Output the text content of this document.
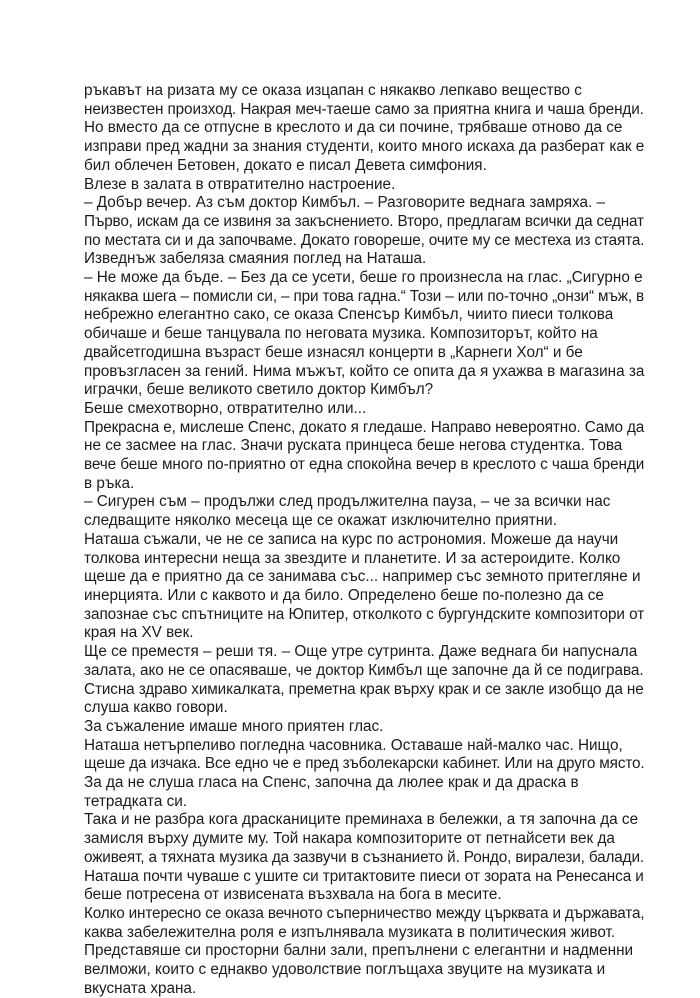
ръкавът на ризата му се оказа изцапан с някакво лепкаво вещество с
неизвестен произход. Накрая меч-таеше само за приятна книга и чаша бренди.
Но вместо да се отпусне в креслото и да си почине, трябваше отново да се
изправи пред жадни за знания студенти, които много искаха да разберат как е
бил облечен Бетовен, докато е писал Девета симфония.
Влезе в залата в отвратително настроение.
– Добър вечер. Аз съм доктор Кимбъл. – Разговорите веднага замряха. –
Първо, искам да се извиня за закъснението. Второ, предлагам всички да седнат
по местата си и да започваме. Докато говореше, очите му се местеха из стаята.
Изведнъж забеляза смаяния поглед на Наташа.
– Не може да бъде. – Без да се усети, беше го произнесла на глас. „Сигурно е
някаква шега – помисли си, – при това гадна.“ Този – или по-точно „онзи“ мъж, в
небрежно елегантно сако, се оказа Спенсър Кимбъл, чиито пиеси толкова
обичаше и беше танцувала по неговата музика. Композиторът, който на
двайсетгодишна възраст беше изнасял концерти в „Карнеги Хол“ и бе
провъзгласен за гений. Нима мъжът, който се опита да я ухажва в магазина за
играчки, беше великото светило доктор Кимбъл?
Беше смехотворно, отвратително или...
Прекрасна е, мислеше Спенс, докато я гледаше. Направо невероятно. Само да
не се засмее на глас. Значи руската принцеса беше негова студентка. Това
вече беше много по-приятно от една спокойна вечер в креслото с чаша бренди
в ръка.
– Сигурен съм – продължи след продължителна пауза, – че за всички нас
следващите няколко месеца ще се окажат изключително приятни.
Наташа съжали, че не се записа на курс по астрономия. Можеше да научи
толкова интересни неща за звездите и планетите. И за астероидите. Колко
щеше да е приятно да се занимава със... например със земното притегляне и
инерцията. Или с каквото и да било. Определено беше по-полезно да се
запознае със спътниците на Юпитер, отколкото с бургундските композитори от
края на XV век.
Ще се преместя – реши тя. – Още утре сутринта. Даже веднага би напуснала
залата, ако не се опасяваше, че доктор Кимбъл ще започне да й се подиграва.
Стисна здраво химикалката, преметна крак върху крак и се закле изобщо да не
слуша какво говори.
За съжаление имаше много приятен глас.
Наташа нетърпеливо погледна часовника. Оставаше най-малко час. Нищо,
щеше да изчака. Все едно че е пред зъболекарски кабинет. Или на друго място.
За да не слуша гласа на Спенс, започна да люлее крак и да драска в
тетрадката си.
Така и не разбра кога драсканиците преминаха в бележки, а тя започна да се
замисля върху думите му. Той накара композиторите от петнайсети век да
оживеят, а тяхната музика да зазвучи в съзнанието й. Рондо, виралези, балади.
Наташа почти чуваше с ушите си тритактовите пиеси от зората на Ренесанса и
беше потресена от извисената възхвала на бога в месите.
Колко интересно се оказа вечното съперничество между църквата и държавата,
каква забележителна роля е изпълнявала музиката в политическия живот.
Представяше си просторни бални зали, препълнени с елегантни и надменни
велможи, които с еднакво удоволствие поглъщаха звуците на музиката и
вкусната храна.
